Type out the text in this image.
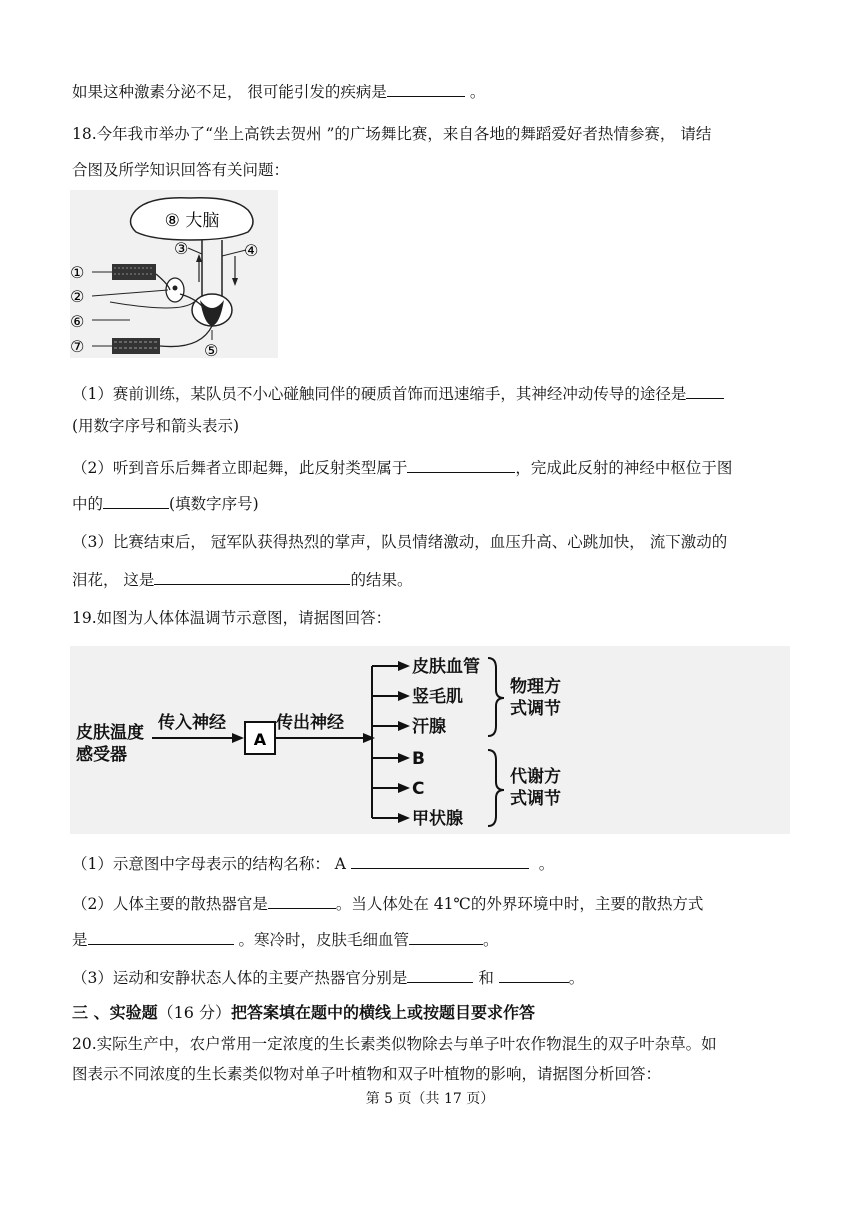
如果这种激素分泌不足， 很可能引发的疾病是	。
18.今年我市举办了“坐上高铁去贺州 ”的广场舞比赛，来自各地的舞蹈爱好者热情参赛， 请结
合图及所学知识回答有关问题：
⑧ 大脑
③	④
①
②
⑥
⑦	⑤
（1）赛前训练，某队员不小心碰触同伴的硬质首饰而迅速缩手，其神经冲动传导的途径是
(用数字序号和箭头表示)
（2）听到音乐后舞者立即起舞，此反射类型属于	，完成此反射的神经中枢位于图
中的	(填数字序号)
（3）比赛结束后， 冠军队获得热烈的掌声，队员情绪激动，血压升高、心跳加快， 流下激动的
泪花， 这是	的结果。
19.如图为人体体温调节示意图，请据图回答：
皮肤温度
感受器
传入神经	传出神经
A
皮肤血管
竖毛肌
汗腺
B
C
甲状腺
物理方
式调节
代谢方
式调节
（1）示意图中字母表示的结构名称： A	。
（2）人体主要的散热器官是	。当人体处在 41℃的外界环境中时，主要的散热方式
是	。寒冷时，皮肤毛细血管	。
（3）运动和安静状态人体的主要产热器官分别是	和	。
三 、实验题（16 分）把答案填在题中的横线上或按题目要求作答
20.实际生产中，农户常用一定浓度的生长素类似物除去与单子叶农作物混生的双子叶杂草。如
图表示不同浓度的生长素类似物对单子叶植物和双子叶植物的影响，请据图分析回答：
第 5 页（共 17 页）
